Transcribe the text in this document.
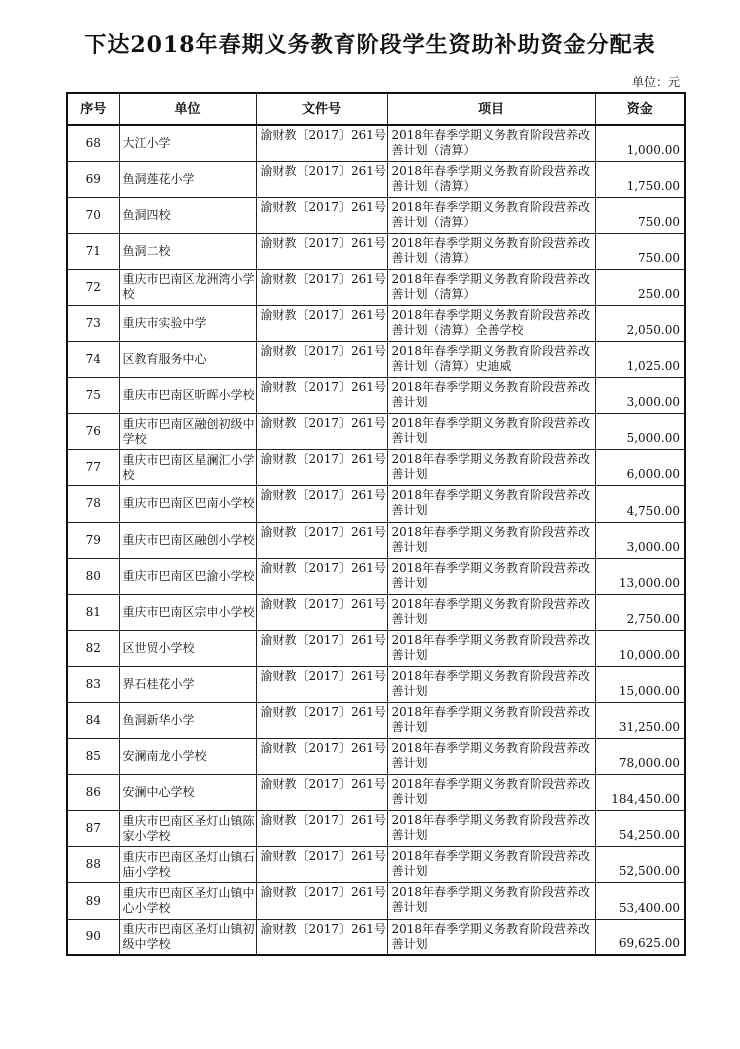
下达2018年春期义务教育阶段学生资助补助资金分配表
单位：元
序号	单位	文件号	项目	资金
68	大江小学	渝财教〔2017〕261号	2018年春季学期义务教育阶段营养改善计划（清算）	1,000.00
69	鱼洞莲花小学	渝财教〔2017〕261号	2018年春季学期义务教育阶段营养改善计划（清算）	1,750.00
70	鱼洞四校	渝财教〔2017〕261号	2018年春季学期义务教育阶段营养改善计划（清算）	750.00
71	鱼洞二校	渝财教〔2017〕261号	2018年春季学期义务教育阶段营养改善计划（清算）	750.00
72	重庆市巴南区龙洲湾小学校	渝财教〔2017〕261号	2018年春季学期义务教育阶段营养改善计划（清算）	250.00
73	重庆市实验中学	渝财教〔2017〕261号	2018年春季学期义务教育阶段营养改善计划（清算）全善学校	2,050.00
74	区教育服务中心	渝财教〔2017〕261号	2018年春季学期义务教育阶段营养改善计划（清算）史迪威	1,025.00
75	重庆市巴南区昕晖小学校	渝财教〔2017〕261号	2018年春季学期义务教育阶段营养改善计划	3,000.00
76	重庆市巴南区融创初级中学校	渝财教〔2017〕261号	2018年春季学期义务教育阶段营养改善计划	5,000.00
77	重庆市巴南区星澜汇小学校	渝财教〔2017〕261号	2018年春季学期义务教育阶段营养改善计划	6,000.00
78	重庆市巴南区巴南小学校	渝财教〔2017〕261号	2018年春季学期义务教育阶段营养改善计划	4,750.00
79	重庆市巴南区融创小学校	渝财教〔2017〕261号	2018年春季学期义务教育阶段营养改善计划	3,000.00
80	重庆市巴南区巴渝小学校	渝财教〔2017〕261号	2018年春季学期义务教育阶段营养改善计划	13,000.00
81	重庆市巴南区宗申小学校	渝财教〔2017〕261号	2018年春季学期义务教育阶段营养改善计划	2,750.00
82	区世贸小学校	渝财教〔2017〕261号	2018年春季学期义务教育阶段营养改善计划	10,000.00
83	界石桂花小学	渝财教〔2017〕261号	2018年春季学期义务教育阶段营养改善计划	15,000.00
84	鱼洞新华小学	渝财教〔2017〕261号	2018年春季学期义务教育阶段营养改善计划	31,250.00
85	安澜南龙小学校	渝财教〔2017〕261号	2018年春季学期义务教育阶段营养改善计划	78,000.00
86	安澜中心学校	渝财教〔2017〕261号	2018年春季学期义务教育阶段营养改善计划	184,450.00
87	重庆市巴南区圣灯山镇陈家小学校	渝财教〔2017〕261号	2018年春季学期义务教育阶段营养改善计划	54,250.00
88	重庆市巴南区圣灯山镇石庙小学校	渝财教〔2017〕261号	2018年春季学期义务教育阶段营养改善计划	52,500.00
89	重庆市巴南区圣灯山镇中心小学校	渝财教〔2017〕261号	2018年春季学期义务教育阶段营养改善计划	53,400.00
90	重庆市巴南区圣灯山镇初级中学校	渝财教〔2017〕261号	2018年春季学期义务教育阶段营养改善计划	69,625.00
